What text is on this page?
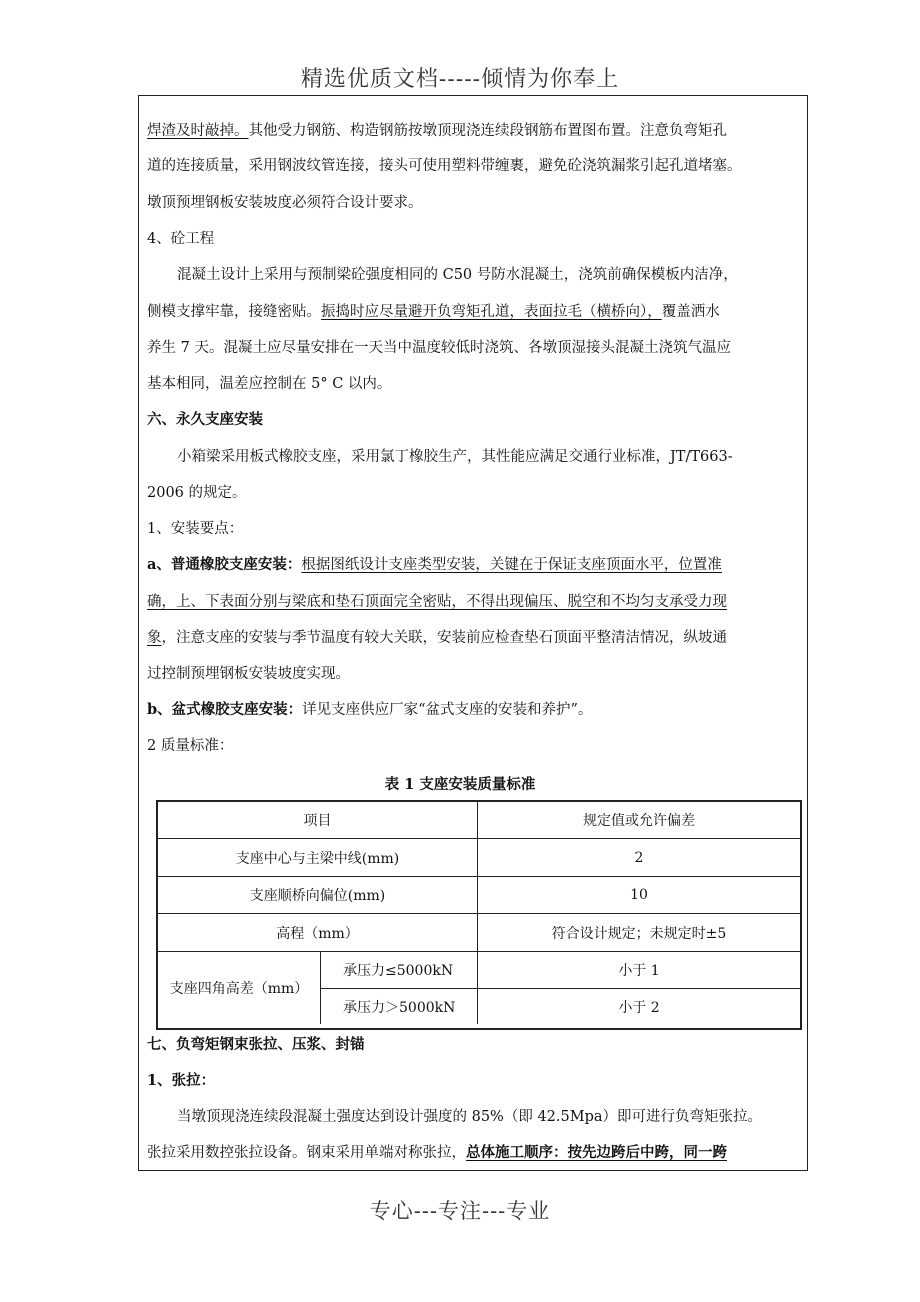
精选优质文档-----倾情为你奉上
焊渣及时敲掉。其他受力钢筋、构造钢筋按墩顶现浇连续段钢筋布置图布置。注意负弯矩孔
道的连接质量，采用钢波纹管连接，接头可使用塑料带缠裹，避免砼浇筑漏浆引起孔道堵塞。
墩顶预埋钢板安装坡度必须符合设计要求。
4、砼工程
混凝土设计上采用与预制梁砼强度相同的 C50 号防水混凝土，浇筑前确保模板内洁净，
侧模支撑牢靠，接缝密贴。振捣时应尽量避开负弯矩孔道，表面拉毛（横桥向），覆盖洒水
养生 7 天。混凝土应尽量安排在一天当中温度较低时浇筑、各墩顶湿接头混凝土浇筑气温应
基本相同，温差应控制在 5° C 以内。
六、永久支座安装
小箱梁采用板式橡胶支座，采用氯丁橡胶生产，其性能应满足交通行业标准，JT/T663-
2006 的规定。
1、安装要点：
a、普通橡胶支座安装：根据图纸设计支座类型安装，关键在于保证支座顶面水平，位置准
确，上、下表面分别与梁底和垫石顶面完全密贴，不得出现偏压、脱空和不均匀支承受力现
象，注意支座的安装与季节温度有较大关联，安装前应检查垫石顶面平整清洁情况，纵坡通
过控制预埋钢板安装坡度实现。
b、盆式橡胶支座安装：详见支座供应厂家“盆式支座的安装和养护”。
2 质量标准：
表 1 支座安装质量标准
项目	规定值或允许偏差
支座中心与主梁中线(mm)	2
支座顺桥向偏位(mm)	10
高程（mm）	符合设计规定；未规定时±5
支座四角高差（mm）
承压力≤5000kN	小于 1
承压力＞5000kN	小于 2
七、负弯矩钢束张拉、压浆、封锚
1、张拉：
当墩顶现浇连续段混凝土强度达到设计强度的 85%（即 42.5Mpa）即可进行负弯矩张拉。
张拉采用数控张拉设备。钢束采用单端对称张拉，总体施工顺序：按先边跨后中跨，同一跨
专心---专注---专业
